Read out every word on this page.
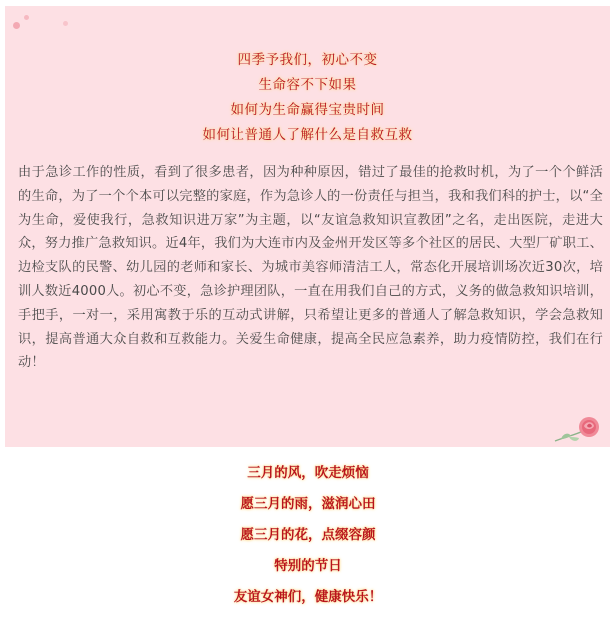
四季予我们，初心不变
生命容不下如果
如何为生命赢得宝贵时间
如何让普通人了解什么是自救互救

由于急诊工作的性质，看到了很多患者，因为种种原因，错过了最佳的抢救时机，为了一个个鲜活的生命，为了一个个本可以完整的家庭，作为急诊人的一份责任与担当，我和我们科的护士，以“全为生命，爱使我行，急救知识进万家”为主题，以“友谊急救知识宣教团”之名，走出医院，走进大众，努力推广急救知识。近4年，我们为大连市内及金州开发区等多个社区的居民、大型厂矿职工、边检支队的民警、幼儿园的老师和家长、为城市美容师清洁工人，常态化开展培训场次近30次，培训人数近4000人。初心不变，急诊护理团队，一直在用我们自己的方式，义务的做急救知识培训，手把手，一对一，采用寓教于乐的互动式讲解，只希望让更多的普通人了解急救知识，学会急救知识，提高普通大众自救和互救能力。关爱生命健康，提高全民应急素养，助力疫情防控，我们在行动！

三月的风，吹走烦恼
愿三月的雨，滋润心田
愿三月的花，点缀容颜
特别的节日
友谊女神们，健康快乐！
